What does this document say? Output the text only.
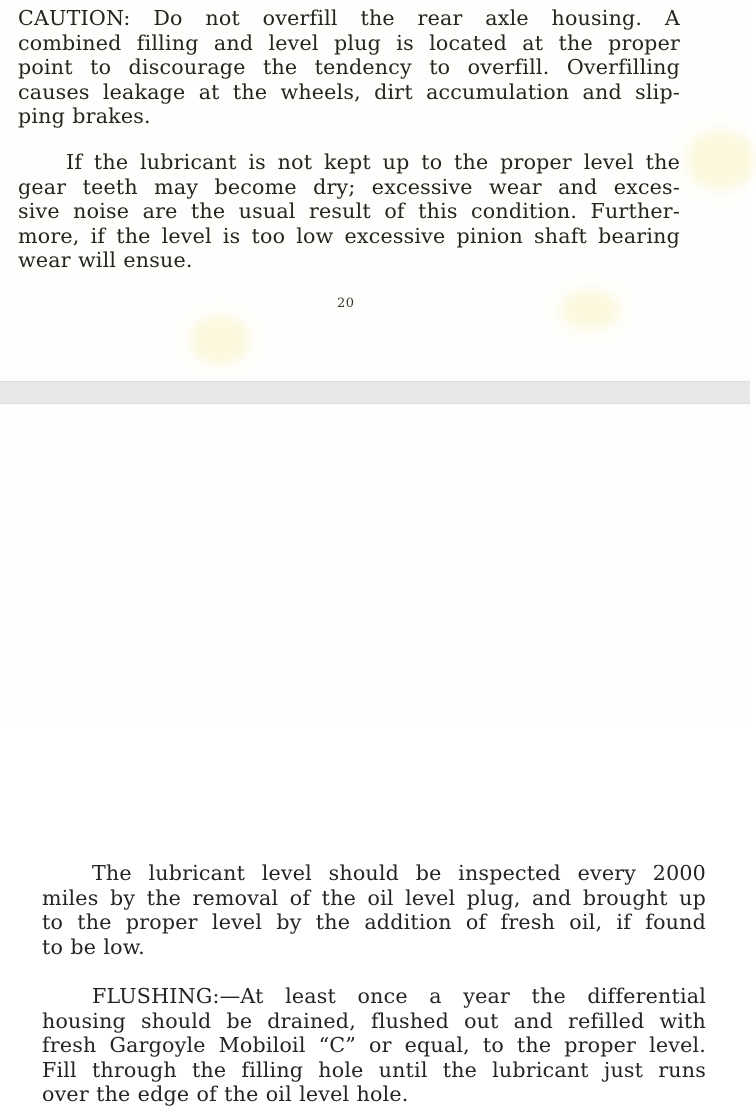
CAUTION: Do not overfill the rear axle housing. A
combined filling and level plug is located at the proper
point to discourage the tendency to overfill. Overfilling
causes leakage at the wheels, dirt accumulation and slip-
ping brakes.

If the lubricant is not kept up to the proper level the
gear teeth may become dry; excessive wear and exces-
sive noise are the usual result of this condition. Further-
more, if the level is too low excessive pinion shaft bearing
wear will ensue.

20

The lubricant level should be inspected every 2000
miles by the removal of the oil level plug, and brought up
to the proper level by the addition of fresh oil, if found
to be low.

FLUSHING:—At least once a year the differential
housing should be drained, flushed out and refilled with
fresh Gargoyle Mobiloil “C” or equal, to the proper level.
Fill through the filling hole until the lubricant just runs
over the edge of the oil level hole.
